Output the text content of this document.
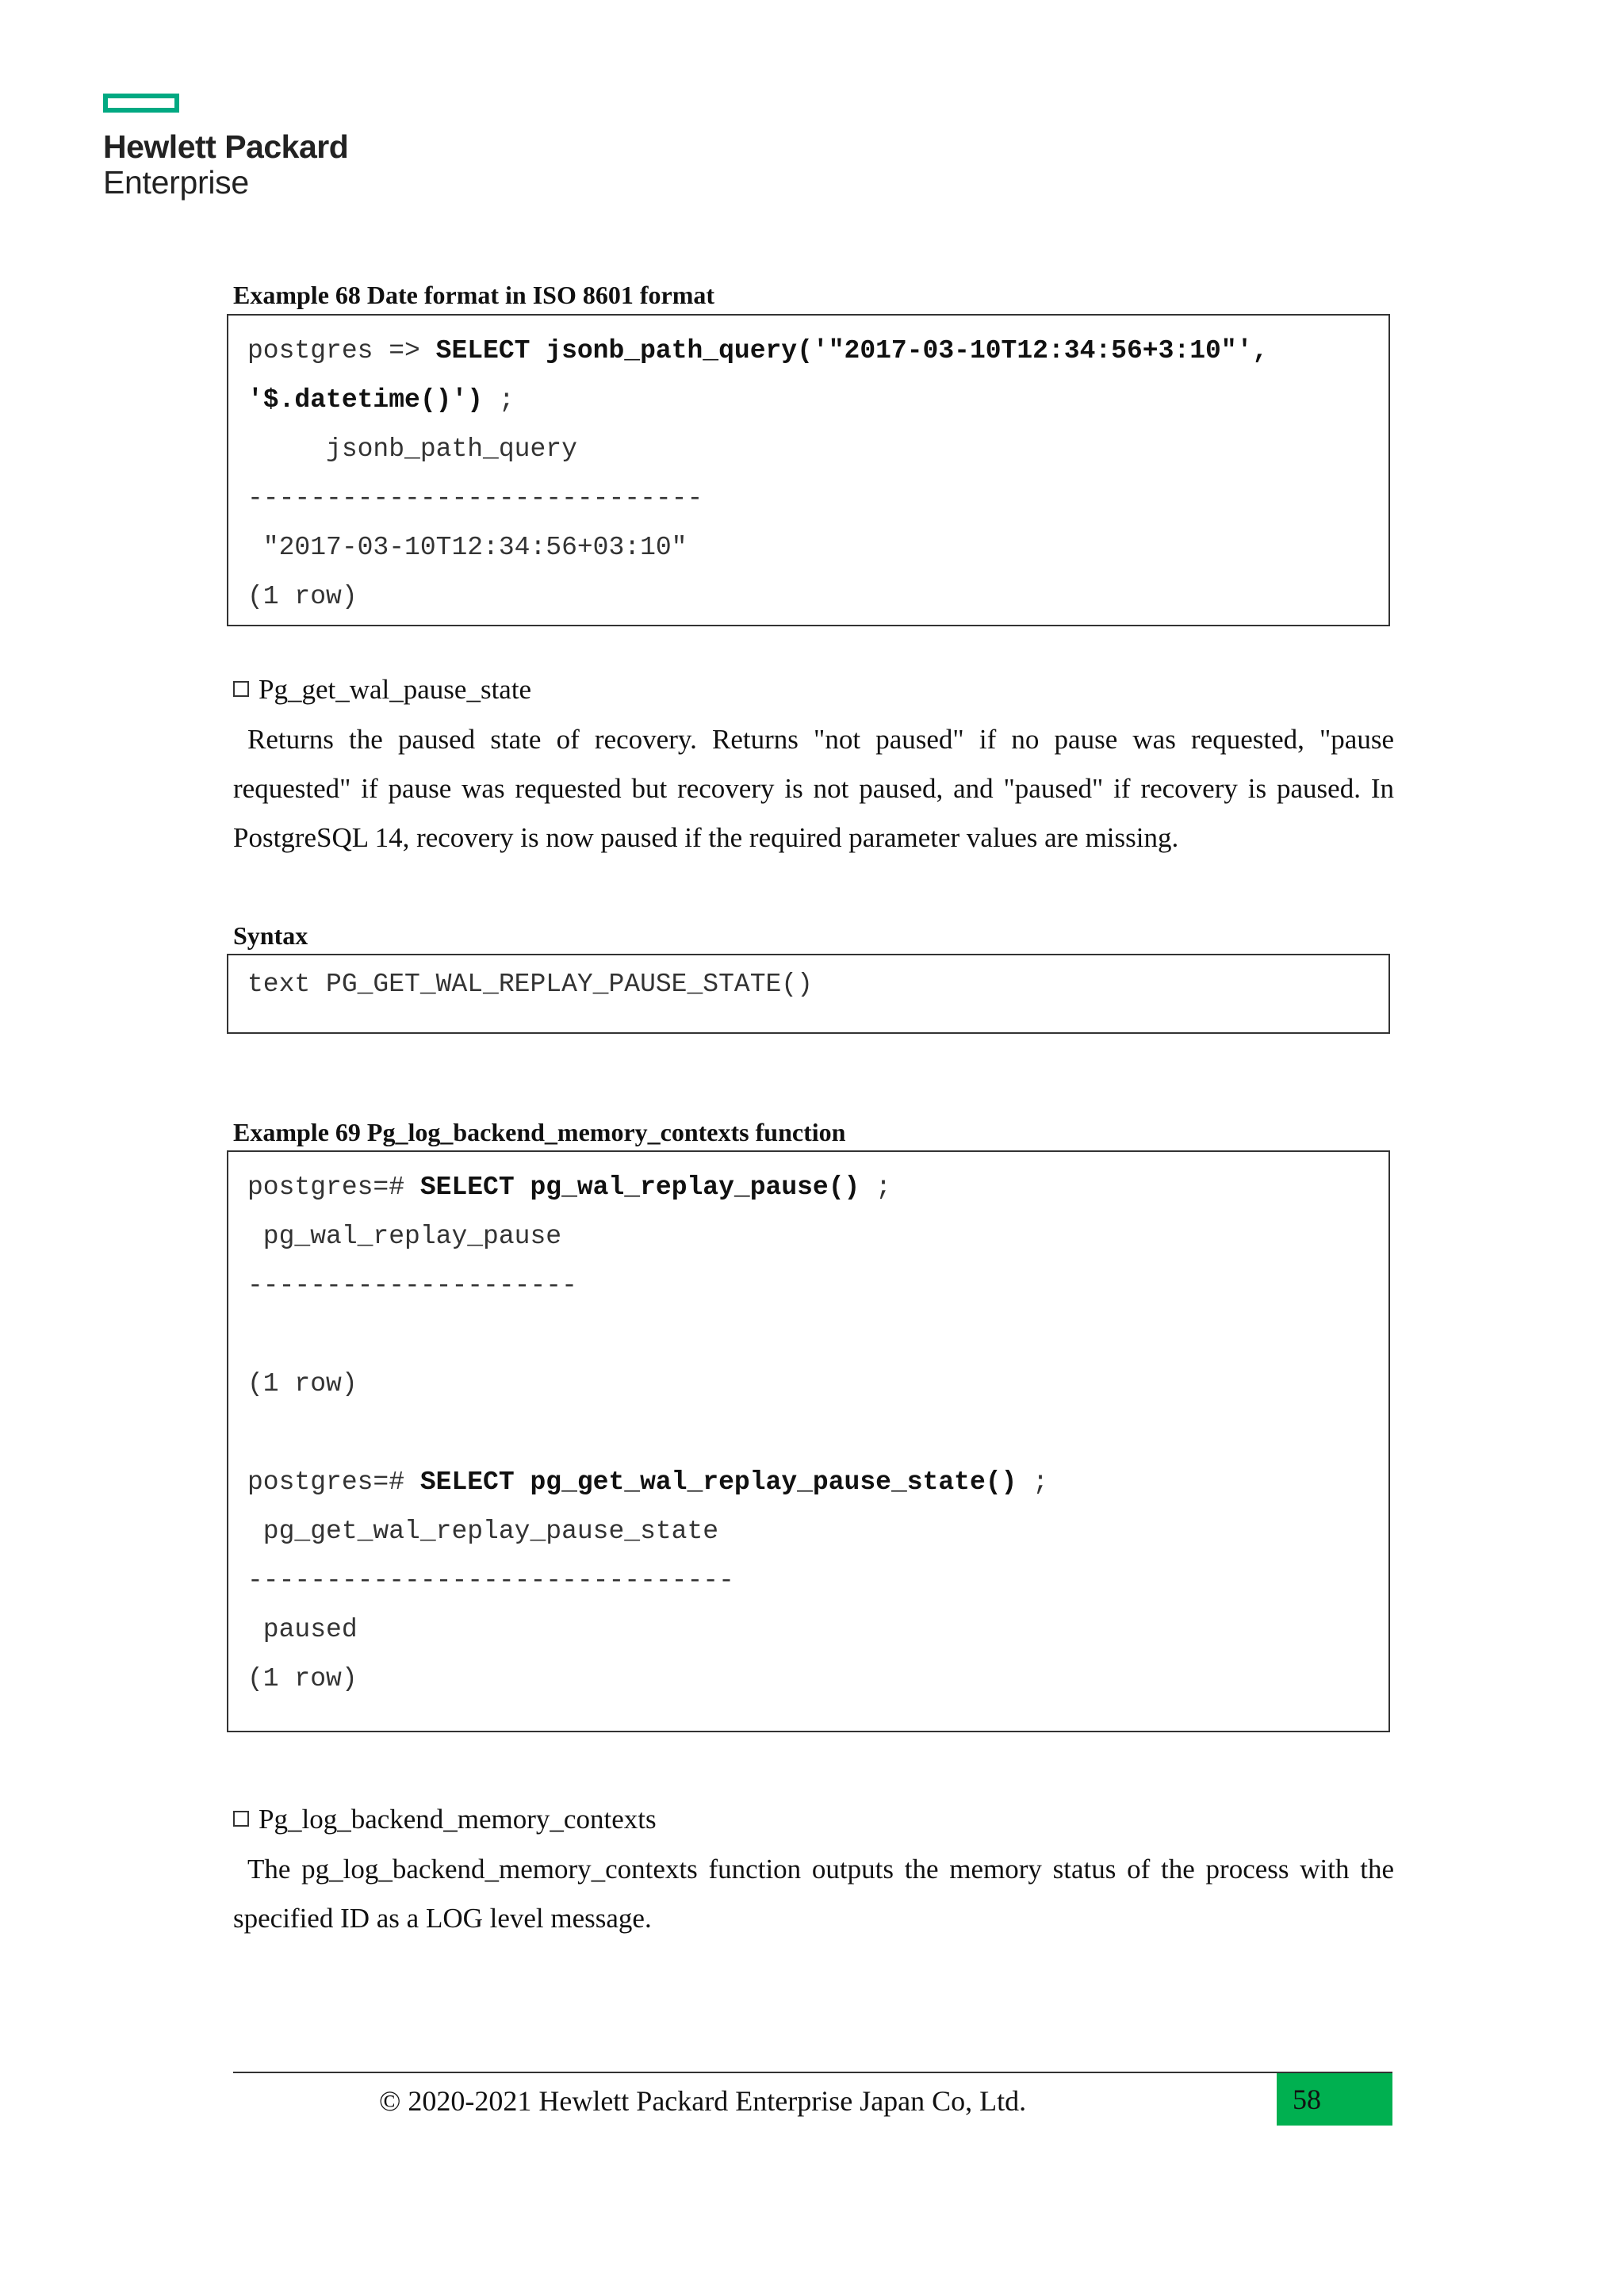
Hewlett Packard
Enterprise
Example 68 Date format in ISO 8601 format
postgres => SELECT jsonb_path_query('"2017-03-10T12:34:56+3:10"',
'$.datetime()') ;
jsonb_path_query
-----------------------------
"2017-03-10T12:34:56+03:10"
(1 row)
Pg_get_wal_pause_state
Returns the paused state of recovery. Returns "not paused" if no pause was requested, "pause requested" if pause was requested but recovery is not paused, and "paused" if recovery is paused. In PostgreSQL 14, recovery is now paused if the required parameter values are missing.
Syntax
text PG_GET_WAL_REPLAY_PAUSE_STATE()
Example 69 Pg_log_backend_memory_contexts function
postgres=# SELECT pg_wal_replay_pause() ;
pg_wal_replay_pause
---------------------
(1 row)
postgres=# SELECT pg_get_wal_replay_pause_state() ;
pg_get_wal_replay_pause_state
-------------------------------
paused
(1 row)
Pg_log_backend_memory_contexts
The pg_log_backend_memory_contexts function outputs the memory status of the process with the specified ID as a LOG level message.
© 2020-2021 Hewlett Packard Enterprise Japan Co, Ltd.	58
